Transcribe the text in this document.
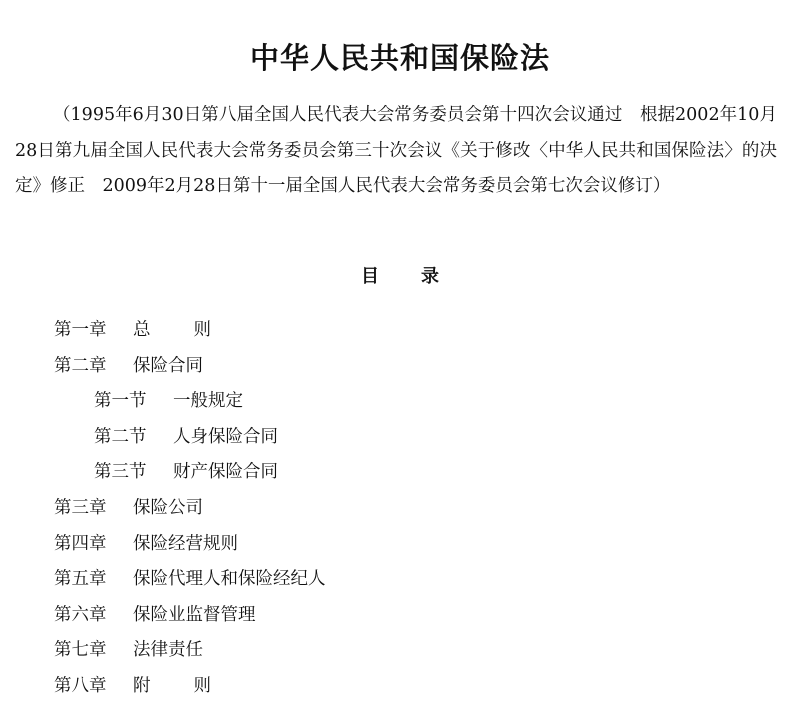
中华人民共和国保险法

（1995年6月30日第八届全国人民代表大会常务委员会第十四次会议通过　根据2002年10月28日第九届全国人民代表大会常务委员会第三十次会议《关于修改〈中华人民共和国保险法〉的决定》修正　2009年2月28日第十一届全国人民代表大会常务委员会第七次会议修订）

目 录
第一章 总 则
第二章 保险合同
第一节 一般规定
第二节 人身保险合同
第三节 财产保险合同
第三章 保险公司
第四章 保险经营规则
第五章 保险代理人和保险经纪人
第六章 保险业监督管理
第七章 法律责任
第八章 附 则
